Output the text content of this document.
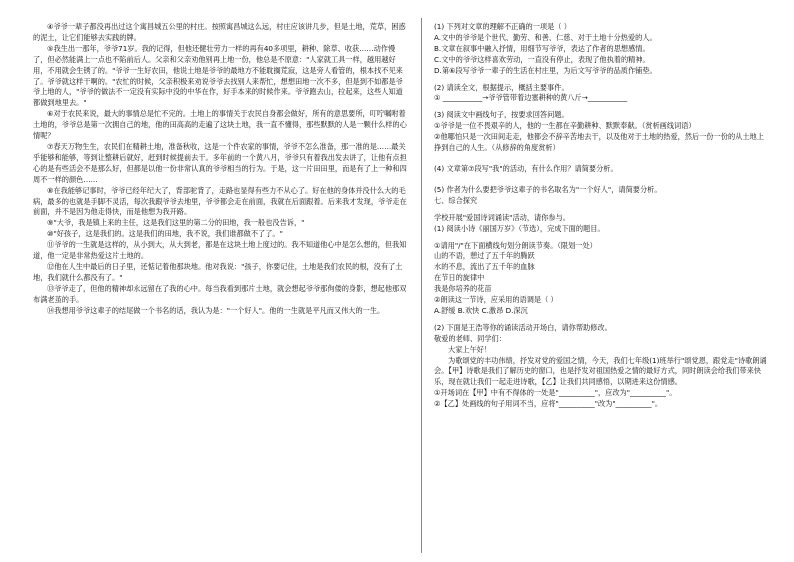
④爷爷一辈子都没再出过这个寓昌城五公里的村庄。按照寓昌城这么远，村庄应该讲几步，但是土地，荒草，困惑的泥土，让它们能够去实践的牌。

⑤我生出一那年，爷爷71岁。我的记得，但他还健壮劳力一样的再有40多项里，耕种、除草、收获……动作慢了，但必然能满上一点也不陷前后人。父亲和父亲劝他别再上地一份，他总是不原意："人家就工具一样，越用越好用，不用就会生锈了的。"爷爷一生好农田，他说土地是爷爷的最地方不能耽搁荒寂，这是旁人看管的，根本找不见来了。爷爷就这样干啊的。"农忙的时候，父亲积极来劝说爷爷去找别人来帮忙，想想田地一次不多，但是到不如都是爷爷上地的人，"爷爷的做法不一定没有实际中没的中华在作，好手本来的时候作来。爷爷跑去山，拉起来，这些人知道都做到地里去。"

⑥对于农民来说，最大的事情总是忙不完的。土地上的事情关于农民自身都会做好，所有的意思要所，叮咛嘱咐着土地的，爷爷总是第一次拥自己的地，他的田高高的走遍了这块土地，我一直不懂得，那些默默的人是一颗什么样的心情呢？

⑦春天万物生生，农民们在精耕土地，准备秋收，这是一个件农家的事情，爷爷不怎么准备，那一准的是……最关乎能够和能够，等到让整耕后就好，赶到时候提前去干。多年前的一个黄八月，爷爷只有着我出发去讲了，让他有点担心的是有些活会不是那么好，但都是以他一份非常认真的爷爷相当的行为。于是，这一片田田里，而是有了上一种和四周不一样的颜色……

⑧在我能够记事时，爷爷已经年纪大了，背部驼背了，走路也显得有些力不从心了。好在他的身体并没什么大的毛病，最多的也就是手脚不灵活，每次我跟爷爷去地里，爷爷都会走在前面，我就在后面跟着。后来我才发现，爷爷走在前面，并不是因为他走得快，而是他想为我开路。

⑨"大爷，我是镇上来的主任，这是我们这里的第二分的田地，我一般也没告诉，"

⑩"好孩子，这是我们的。这是我们的田地，我不说，我们谁都做不了了。"

⑪爷爷的一生就是这样的，从小到大，从大到老，都是在这块土地上度过的。我不知道他心中是怎么想的，但我知道，他一定是非常热爱这片土地的。

⑫他在人生中最后的日子里，还惦记着他那块地。他对我说："孩子，你要记住，土地是我们农民的根，没有了土地，我们就什么都没有了。"

⑬爷爷走了，但他的精神却永远留在了我的心中。每当我看到那片土地，就会想起爷爷那佝偻的身影，想起他那双布满老茧的手。

⑭我想用爷爷这辈子的结尾做一个书名的话，我认为是："一个好人"。他的一生就是平凡而又伟大的一生。

(1) 下列对文章的理解不正确的一项是（ ）

A.文中的爷爷是个世代、勤劳、和善、仁慈、对于土地十分热爱的人。

B.文章在叙事中融入抒情，用细节写爷爷，表达了作者的思想感情。

C.文中的爷爷这样喜欢劳动，一直没有停止，表现了他执着的精神。

D.第⑥段写爷爷一辈子的生活在村庄里，为后文写爷爷的品质作铺垫。

(2) 请读全文，根据提示，概括主要事件。

① ___________→爷爷管带着边塞耕种的黄八斤→___________

(3) 阅读文中画线句子，按要求回答问题。

①爷爷是一位不畏艰辛的人，他的一生都在辛勤耕种、默默奉献。（赏析画线词语）

②他哪怕只是一次田间走走，他都会不辞辛苦地去干，以及他对于土地的热爱，然后一份一份的从土地上挣到自己的人生。（从修辞的角度赏析）

(4) 文章第⑦段写"我"的活动，有什么作用？请简要分析。

(5) 作者为什么要把爷爷这辈子的书名取名为"一个好人"，请简要分析。

七、综合探究

学校开展"爱国诗词诵读"活动，请你参与。

(1) 阅读小诗《丽国万岁》（节选），完成下面的题目。

①请用"/"在下面横线句划分朗读节奏。（限划一处）

山的不语，憩过了五千年的腾跃

水的不息，流出了五千年的血脉

在节日的旋律中

我是你培养的花苗

②朗读这一节诗，应采用的语调是（ ）

A.舒缓 B.欢快 C.激昂 D.深沉

(2) 下面是王浩等你的诵读活动开场白，请你帮助修改。

敬爱的老师、同学们：

大家上午好！

为歌颂党的丰功伟绩，抒发对党的爱国之情，今天，我们七年级(1)班举行"颂党恩，跟党走"诗歌朗诵会。【甲】诗歌是我们了解历史的窗口，也是抒发对祖国热爱之情的最好方式，同时朗读会给我们带来快乐，现在就让我们一起走进诗歌，【乙】让我们共同感悟，以期进来这份情感。

①开场词在【甲】中有不得体的一处是"__________"，应改为"__________"。

②【乙】处画线的句子用词不当，应将"__________"改为"__________"。
